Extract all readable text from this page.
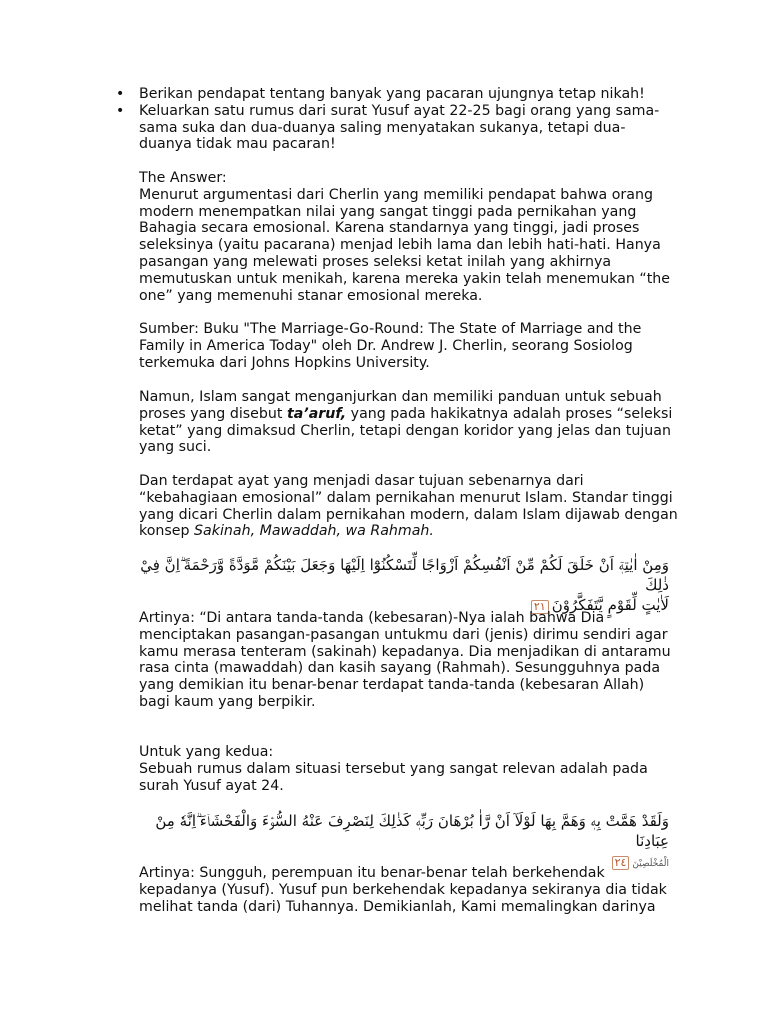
• Berikan pendapat tentang banyak yang pacaran ujungnya tetap nikah!
• Keluarkan satu rumus dari surat Yusuf ayat 22-25 bagi orang yang sama-sama suka dan dua-duanya saling menyatakan sukanya, tetapi dua-duanya tidak mau pacaran!

The Answer:

Menurut argumentasi dari Cherlin yang memiliki pendapat bahwa orang modern menempatkan nilai yang sangat tinggi pada pernikahan yang Bahagia secara emosional. Karena standarnya yang tinggi, jadi proses seleksinya (yaitu pacarana) menjad lebih lama dan lebih hati-hati. Hanya pasangan yang melewati proses seleksi ketat inilah yang akhirnya memutuskan untuk menikah, karena mereka yakin telah menemukan “the one” yang memenuhi stanar emosional mereka.

Sumber: Buku "The Marriage-Go-Round: The State of Marriage and the Family in America Today" oleh Dr. Andrew J. Cherlin, seorang Sosiolog terkemuka dari Johns Hopkins University.

Namun, Islam sangat menganjurkan dan memiliki panduan untuk sebuah proses yang disebut ta’aruf, yang pada hakikatnya adalah proses “seleksi ketat” yang dimaksud Cherlin, tetapi dengan koridor yang jelas dan tujuan yang suci.

Dan terdapat ayat yang menjadi dasar tujuan sebenarnya dari “kebahagiaan emosional” dalam pernikahan menurut Islam. Standar tinggi yang dicari Cherlin dalam pernikahan modern, dalam Islam dijawab dengan konsep Sakinah, Mawaddah, wa Rahmah.

وَمِنْ اٰيٰتِهٖٓ اَنْ خَلَقَ لَكُمْ مِّنْ اَنْفُسِكُمْ اَزْوَاجًا لِّتَسْكُنُوْٓا اِلَيْهَا وَجَعَلَ بَيْنَكُمْ مَّوَدَّةً وَّرَحْمَةً ۗاِنَّ فِيْ ذٰلِكَ
لَاٰيٰتٍ لِّقَوْمٍ يَّتَفَكَّرُوْنَ٢١

Artinya: “Di antara tanda-tanda (kebesaran)-Nya ialah bahwa Dia menciptakan pasangan-pasangan untukmu dari (jenis) dirimu sendiri agar kamu merasa tenteram (sakinah) kepadanya. Dia menjadikan di antaramu rasa cinta (mawaddah) dan kasih sayang (Rahmah). Sesungguhnya pada yang demikian itu benar-benar terdapat tanda-tanda (kebesaran Allah) bagi kaum yang berpikir.

Untuk yang kedua:

Sebuah rumus dalam situasi tersebut yang sangat relevan adalah pada surah Yusuf ayat 24.

وَلَقَدْ هَمَّتْ بِهٖ وَهَمَّ بِهَا لَوْلَآ اَنْ رَّاٰ بُرْهَانَ رَبِّهٖ كَذٰلِكَ لِنَصْرِفَ عَنْهُ السُّوْۤءَ وَالْفَحْشَاۤءَ ۗاِنَّهٗ مِنْ عِبَادِنَا
الْمُخْلَصِيْنَ٢٤

Artinya: Sungguh, perempuan itu benar-benar telah berkehendak kepadanya (Yusuf). Yusuf pun berkehendak kepadanya sekiranya dia tidak melihat tanda (dari) Tuhannya. Demikianlah, Kami memalingkan darinya
